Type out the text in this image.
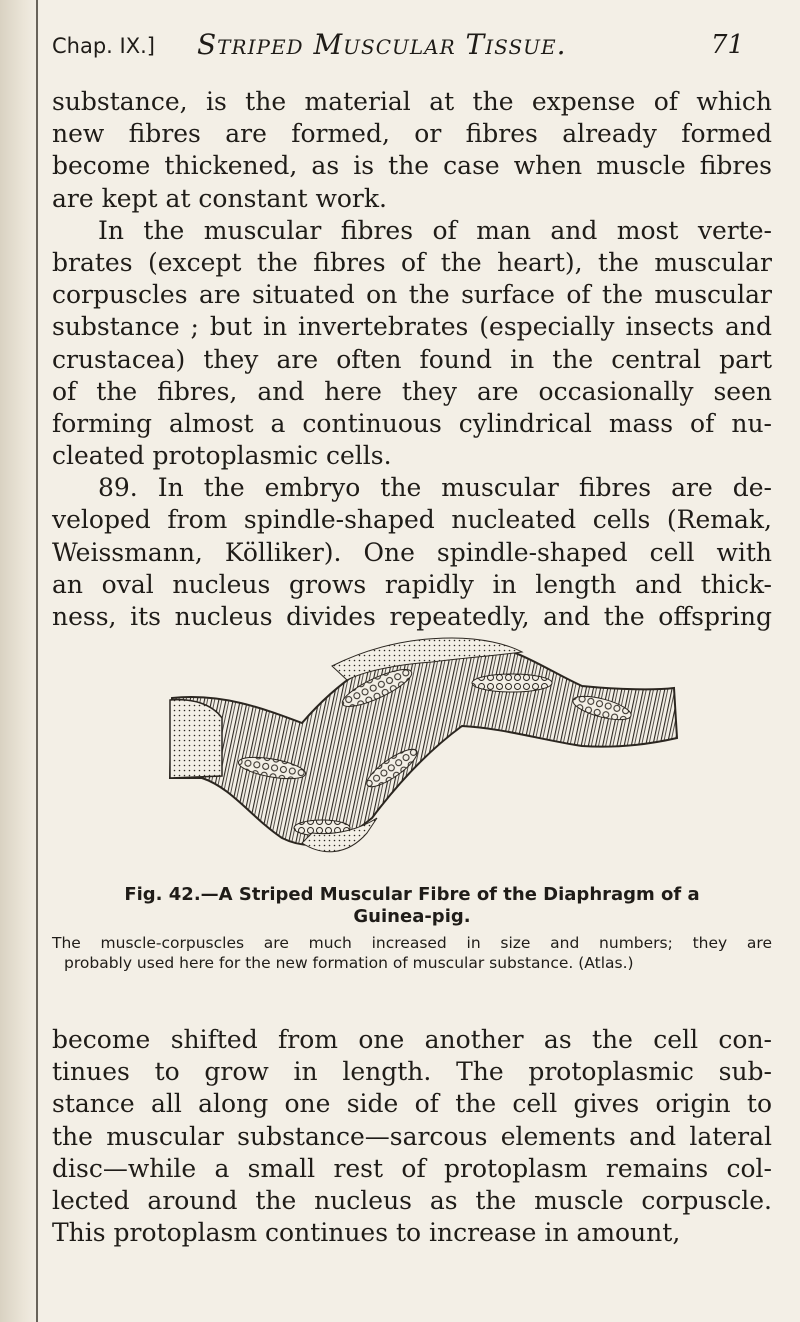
Chap. IX.] Striped Muscular Tissue.	71
substance, is the material at the expense of which
new fibres are formed, or fibres already formed
become thickened, as is the case when muscle fibres
are kept at constant work.
In the muscular fibres of man and most verte-
brates (except the fibres of the heart), the muscular
corpuscles are situated on the surface of the muscular
substance ; but in invertebrates (especially insects and
crustacea) they are often found in the central part
of the fibres, and here they are occasionally seen
forming almost a continuous cylindrical mass of nu-
cleated protoplasmic cells.
89. In the embryo the muscular fibres are de-
veloped from spindle-shaped nucleated cells (Remak,
Weissmann, Kölliker). One spindle-shaped cell with
an oval nucleus grows rapidly in length and thick-
ness, its nucleus divides repeatedly, and the offspring

Fig. 42.—A Striped Muscular Fibre of the Diaphragm of a
Guinea-pig.

The muscle-corpuscles are much increased in size and numbers; they are
probably used here for the new formation of muscular substance. (Atlas.)

become shifted from one another as the cell con-
tinues to grow in length. The protoplasmic sub-
stance all along one side of the cell gives origin to
the muscular substance—sarcous elements and lateral
disc—while a small rest of protoplasm remains col-
lected around the nucleus as the muscle corpuscle.
This protoplasm continues to increase in amount,
